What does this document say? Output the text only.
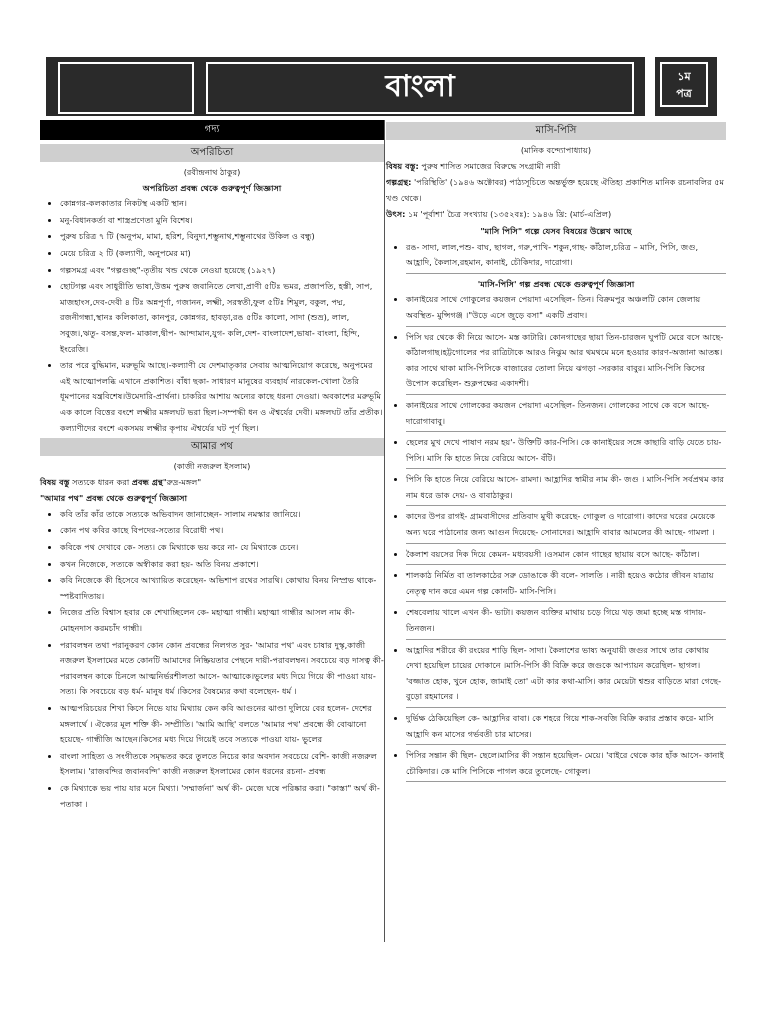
বাংলা	১ম
পত্র
গদ্য
অপরিচিতা
(রবীন্দ্রনাথ ঠাকুর)
অপরিচিতা প্রবন্ধ থেকে গুরুত্বপূর্ণ জিজ্ঞাসা
• কোন্নগর-কলকাতার নিকটস্থ একটি স্থান।
• মনু-বিধানকর্তা বা শাস্ত্রপ্রণেতা মুনি বিশেষ।
• পুরুষ চরিত্র ৭ টি (অনুপম, মামা, হরিশ, বিনুদা,শম্ভুনাথ,শম্ভুনাথের উকিল ও বন্ধু)
• মেয়ে চরিত্র ২ টি (কল্যাণী, অনুপমের মা)
• গল্পসমগ্র এবং "গল্পগুচ্ছ"-তৃতীয় খন্ড থেকে নেওয়া হয়েছে (১৯২৭)
• ছোটগল্প এবং সাধুরীতি ভাষা,উত্তম পুরুষ জবানিতে লেখা,প্রাণী ৫টিঃ ভমর, প্রজাপতি, হস্তী, সাপ, মাজহাংস,দেব-দেবী ৪ টিঃ অন্নপূর্ণা, গজানন, লক্ষ্মী, সরস্বতী,ফুল ৫টিঃ শিমুল, বকুল, পদ্ম, রজনীগন্ধা,স্থানঃ কলিকাতা, কানপুর, কোন্নগর, হাবড়া,রঙ ৫টিঃ কালো, সাদা (শুভ্র), লাল, সবুজ।,ঋতু- বসন্ত,ফল- মাকাল,দ্বীপ- আন্দামান,যুগ- কলি,দেশ- বাংলাদেশ,ভাষা- বাংলা, হিন্দি, ইংরেজি।
• তার পরে বুদ্ধিমান, মরুভূমি আছে।-কল্যাণী যে দেশমাতৃকার সেবায় আত্মনিয়োগ করেছে, অনুপমের এই আত্মোপলব্ধি এখানে প্রকাশিত। বাঁধা ছকা- সাধারণ মানুষের ব্যবহার্য নারকেল-খোলা তৈরি ধূমপানের যন্ত্রবিশেষ।উমেদারি-প্রার্থনা। চাকরির আশায় অন্যের কাছে ধরনা দেওয়া। অবকাশের মরুভূমি এক কালে বিত্তের বংশে লক্ষ্মীর মঙ্গলঘট ভরা ছিল।-সম্পদ্ধী ধন ও ঐশ্বর্যের দেবী। মঙ্গলঘট তাঁর প্রতীক। কল্যাণীদের বংশে একসময় লক্ষ্মীর কৃপায় ঐশ্বর্যের ঘট পূর্ণ ছিল।
আমার পথ
(কাজী নজরুল ইসলাম)
বিষয় বস্তু সত্যকে ধারন করা প্রবন্ধ গ্রন্থ"রুদ্র-মঙ্গল"
"আমার পথ" প্রবন্ধ থেকে গুরুত্বপূর্ণ জিজ্ঞাসা
• কবি তাঁর কাঁর তাকে সত্যকে অভিবাদন জানাচ্ছেন- সালাম নমস্কার জানিয়ে।
• কোন পথ কবির কাছে বিপদের-সত্যের বিরোধী পথ।
• কবিকে পথ দেখাবে কে- সত্য। কে মিথ্যাকে ভয় করে না- যে মিথ্যাকে চেনে।
• কখন নিজেকে, সত্যকে অস্বীকার করা হয়- অতি বিনয় প্রকাশে।
• কবি নিজেকে কী হিসেবে আখ্যায়িত করেছেন- অভিশাপ রথের সারথি। কোথায় বিনয় নিস্প্রভ থাকে- স্পষ্টবাদিতায়।
• নিজের প্রতি বিশ্বাস হবার কে শেখাচ্ছিলেন কে- মহাত্মা গান্ধী। মহাত্মা গান্ধীর আসল নাম কী- মোহনদাস করমচাঁদ গান্ধী।
• পরাবলম্বন তথা পরানুকরণ কোন কোন প্রবন্ধের নিলগত সুর- 'আমার পথ' এবং চাষার দুস্কৃ,কাজী নজরুল ইসলামের মতে কোনটি আমাদের নিষ্ক্রিয়তার পেছনে দায়ী-পরাবলম্বন। সবচেয়ে বড় দাসত্ব কী- পরাবলম্বন কাকে চিনলে আত্মনির্ভরশীলতা আসে- আত্মাকে।ভুলের মধ্য দিয়ে গিয়ে কী পাওয়া যায়- সত্য। কি সবচেয়ে বড় ধর্ম- মানুষ ধর্ম ।কিসের বৈষম্যের কথা বলেছেন- ধর্ম ।
• আত্মপরিচয়ের শিখা কিসে নিভে যায় মিথ্যায় কেন কবি আগুনের ঝাণ্ডা দুলিয়ে বের হলেন- দেশের মঙ্গলার্থে । ঐক্যের মূল শক্তি কী- সম্প্রীতি। 'আমি আছি' বলতে 'আমার পথ' প্রবন্ধে কী বোঝানো হয়েছে- গান্ধীজি আছেন।কিসের মধ্য দিয়ে গিয়েই তবে সত্যকে পাওয়া যায়- ভুলের
• বাংলা সাহিত্য ও সংগীতকে সমৃদ্ধতর করে তুলতে নিচের কার অবদান সবচেয়ে বেশি- কাজী নজরুল ইসলাম। 'রাজবন্দির জবানবন্দি' কাজী নজরুল ইসলামের কোন ধরনের রচনা- প্রবন্ধ
• কে মিথ্যাকে ভয় পায় যার মনে মিথ্যা। 'সম্মার্জনা' অর্থ কী- মেজে ঘষে পরিষ্কার করা। "কাস্তা" অর্থ কী- পতাকা ।
মাসি-পিসি
(মানিক বন্দ্যোপাধ্যায়)
বিষয় বস্তু: পুরুষ শাসিত সমাজের বিরুদ্ধে সংগ্রামী নারী
গল্পগ্রন্থ: 'পরিস্থিতি' (১৯৪৬ অক্টোবর) পাঠ্যসূচিতে অন্তর্ভুক্ত হয়েছে ঐতিহ্য প্রকাশিত মানিক রচনাবলির ৫ম খণ্ড থেকে।
উৎস: ১ম 'পূর্বাশা' চৈত্র সংখ্যায় (১৩৫২বঃ): ১৯৪৬ খ্রি: (মার্চ-এপ্রিল)
"মাসি পিসি" গল্পে যেসব বিষয়ের উল্লেখ আছে
• রঙ- সাদা, লাল,পশু- বাঘ, ছাগল, গরু,পাখি- শকুন,গাছ- কাঁঠাল,চরিত্র – মাসি, পিসি, জগু, আহ্লাদি, কৈলাস,রহমান, কানাই, চৌকিদার, দারোগা।
'মাসি-পিসি' গল্প প্রবন্ধ থেকে গুরুত্বপূর্ণ জিজ্ঞাসা
• কানাইয়ের সাথে গোকুলের কয়জন পেয়াদা এসেছিল- তিন। বিক্রমপুর অঞ্চলটি কোন জেলায় অবস্থিত- মুন্সিগঞ্জ ।"উড়ে এসে জুড়ে বসা" একটি প্রবাদ।
• পিসি ঘর থেকে কী নিয়ে আসে- মস্ত কাটারি। কোনগাছের ছায়া তিন-চারজন ঘুপটি মেরে বসে আছে- কাঁঠালগাছ।হট্টগোলের পর রাত্রিটাকে আরও নিঝুম আর থমথমে মনে হওয়ার কারণ-অজানা আতঙ্ক।কার সাথে থাকা মাসি-পিসিকে বাজারের তোলা নিয়ে ঝগড়া -সরকার বাবুর। মাসি-পিসি কিসের উপোস করেছিল- শুক্লপক্ষের একাদশী।
• কানাইয়ের সাথে গোলকের কয়জন পেয়াদা এসেছিল- তিনজন। গোলকের সাথে কে বসে আছে- দারোগাবাবু।
• ছেলের মুখ দেখে পাষাণ নরম হয়'- উক্তিটি কার-পিসি। কে কানাইয়ের সঙ্গে কাছারি বাড়ি যেতে চায়- পিসি। মাসি কি হাতে নিয়ে বেরিয়ে আসে- বঁটি।
• পিসি কি হাতে নিয়ে বেরিয়ে আসে- রামদা। আহ্লাদির স্বামীর নাম কী- জগু । মাসি-পিসি সর্বপ্রথম কার নাম ধরে ডাক দেয়- ও বাবাঠাকুর।
• কাদের উপর রাগই- গ্রামবাসীদের প্রতিবাদ মুখী করেছে- গোকুল ও দারোগা। কাদের ঘরের মেয়েকে অন্য ঘরে পাঠানোর জন্য আগুন দিয়েছে- সোনাদের। আহ্লাদি বাবার আমলের কী আছে- গামলা ।
• কৈলাশ বয়সের দিক দিয়ে কেমন- মধ্যবয়সী ।ওসমান কোন গাছের ছায়ায় বসে আছে- কাঁঠাল।
• শালকাঠ নির্মিত বা তালকাঠের সরু ডোঙাকে কী বলে- সালতি । নারী হয়েও কঠোর জীবন যাত্রায় নেতৃত্ব দান করে এমন গল্প কোনটি- মাসি-পিসি।
• শেষবেলায় খালে এখন কী- ভাটা। কয়জন ব্যক্তির মাথায় চড়ে গিয়ে খড় জমা হচ্ছে মস্ত গাদায়- তিনজন।
• আহ্লাদির শরীরে কী রংয়ের শাড়ি ছিল- সাদা। কৈলাশের ভাষ্য অনুযায়ী জগুর সাথে তার কোথায় দেখা হয়েছিল চায়ের দোকানে ।মাসি-পিসি কী বিক্রি করে জগুকে আপ্যায়ন করেছিল- ছাগল। 'বজ্জাত হোক, খুনে হোক, জামাই তো' এটা কার কথা-মাসি। কার মেয়েটা শ্বশুর বাড়িতে মারা গেছে- বুড়ো রহমানের ।
• দুর্ভিক্ষ ঠেকিয়েছিল কে- আহ্লাদির বাবা। কে শহরে গিয়ে শাক-সবজি বিক্রি করার প্রস্তাব করে- মাসি আহ্লাদি কন মাসের গর্ভবতী চার মাসের।
• পিসির সন্তান কী ছিল- ছেলে।মাসির কী সন্তান হয়েছিল- মেয়ে। 'বাইরে থেকে কার হাঁক আসে- কানাই চৌকিদার। কে মাসি পিসিকে পাগল করে তুলেছে- গোকুল।
